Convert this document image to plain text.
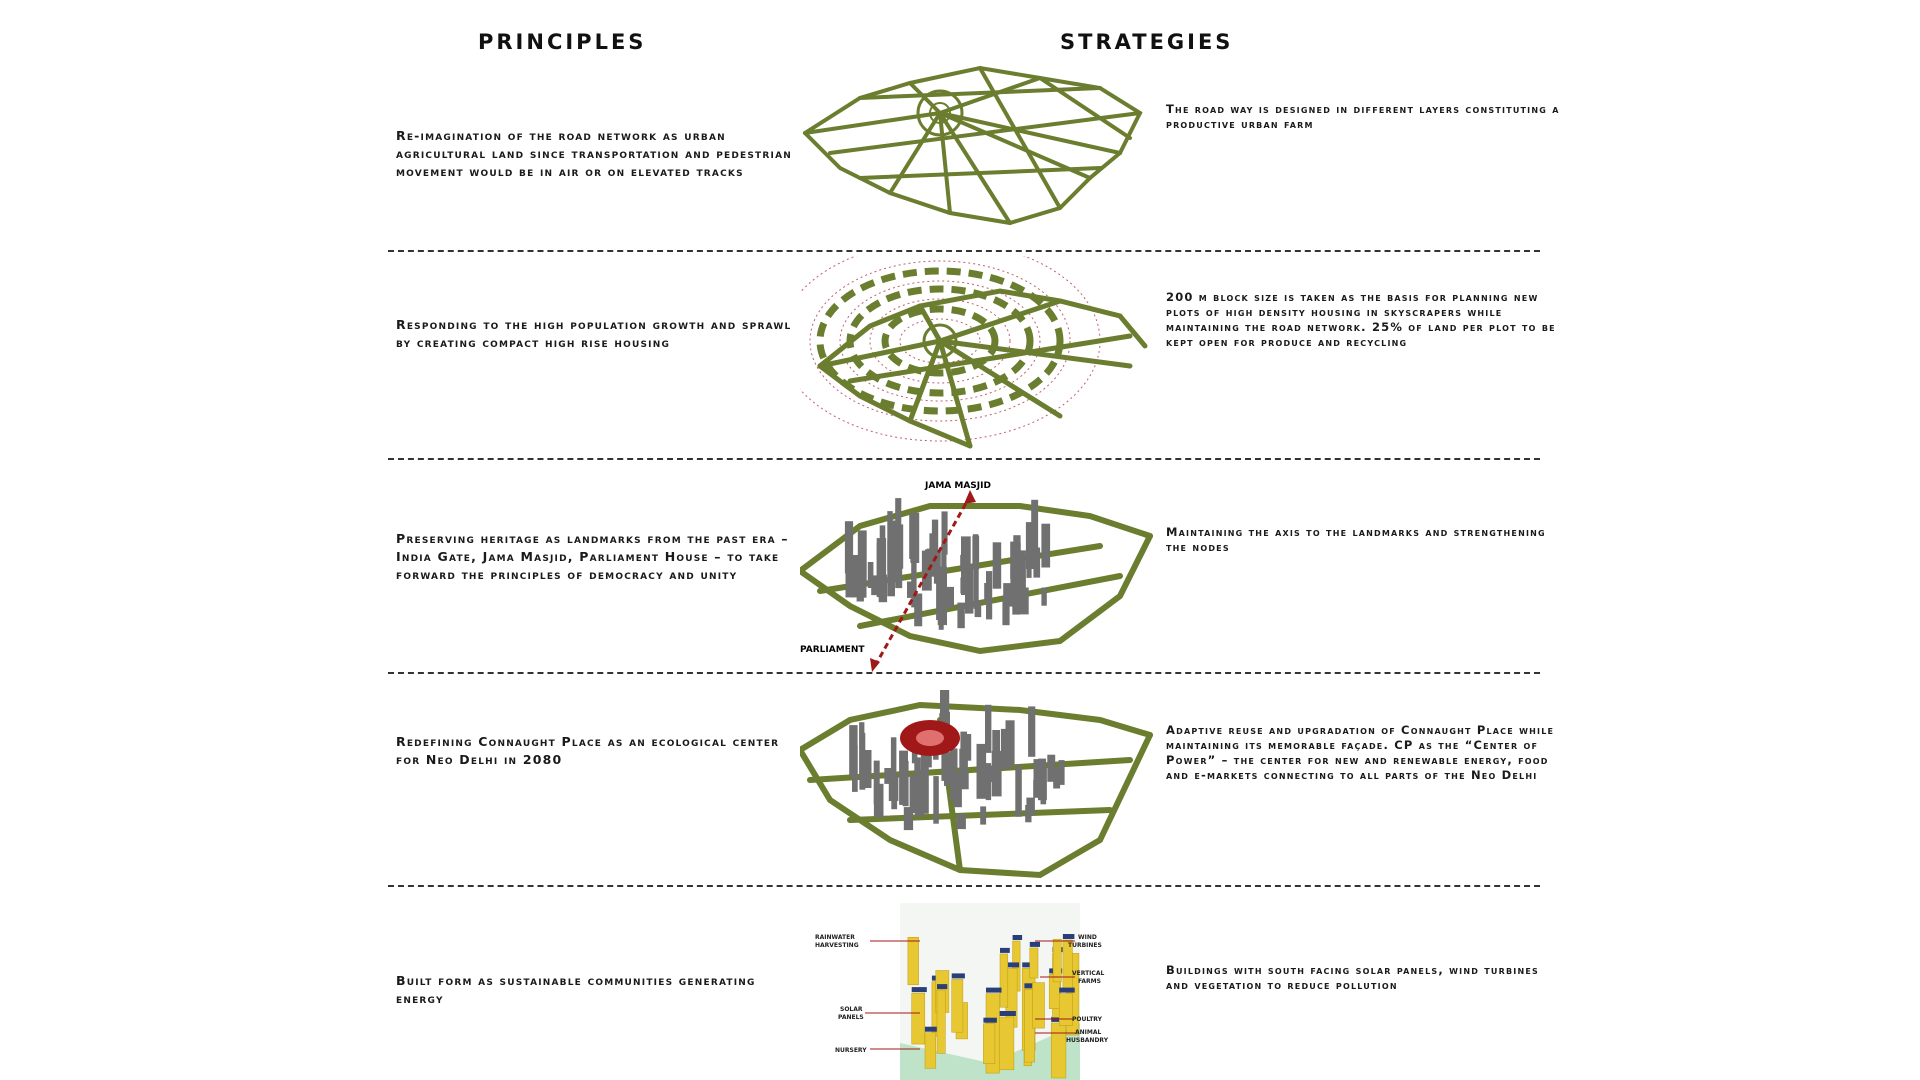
PRINCIPLES	STRATEGIES
Re-imagination of the road network as urban agricultural land since transportation and pedestrian movement would be in air or on elevated tracks
The road way is designed in different layers constituting a productive urban farm
Responding to the high population growth and sprawl by creating compact high rise housing
200 m block size is taken as the basis for planning new plots of high density housing in skyscrapers while maintaining the road network. 25% of land per plot to be kept open for produce and recycling
Preserving heritage as landmarks from the past era – India Gate, Jama Masjid, Parliament House – to take forward the principles of democracy and unity
Maintaining the axis to the landmarks and strengthening the nodes
JAMA MASJID
PARLIAMENT
Redefining Connaught Place as an ecological center for Neo Delhi in 2080
Adaptive reuse and upgradation of Connaught Place while maintaining its memorable façade. CP as the “Center of Power” – the center for new and renewable energy, food and e-markets connecting to all parts of the Neo Delhi
Built form as sustainable communities generating energy
Buildings with south facing solar panels, wind turbines and vegetation to reduce pollution
RAINWATER
HARVESTING
WIND
TURBINES
VERTICAL
FARMS
SOLAR
PANELS	POULTRY
ANIMAL
HUSBANDRY
NURSERY
